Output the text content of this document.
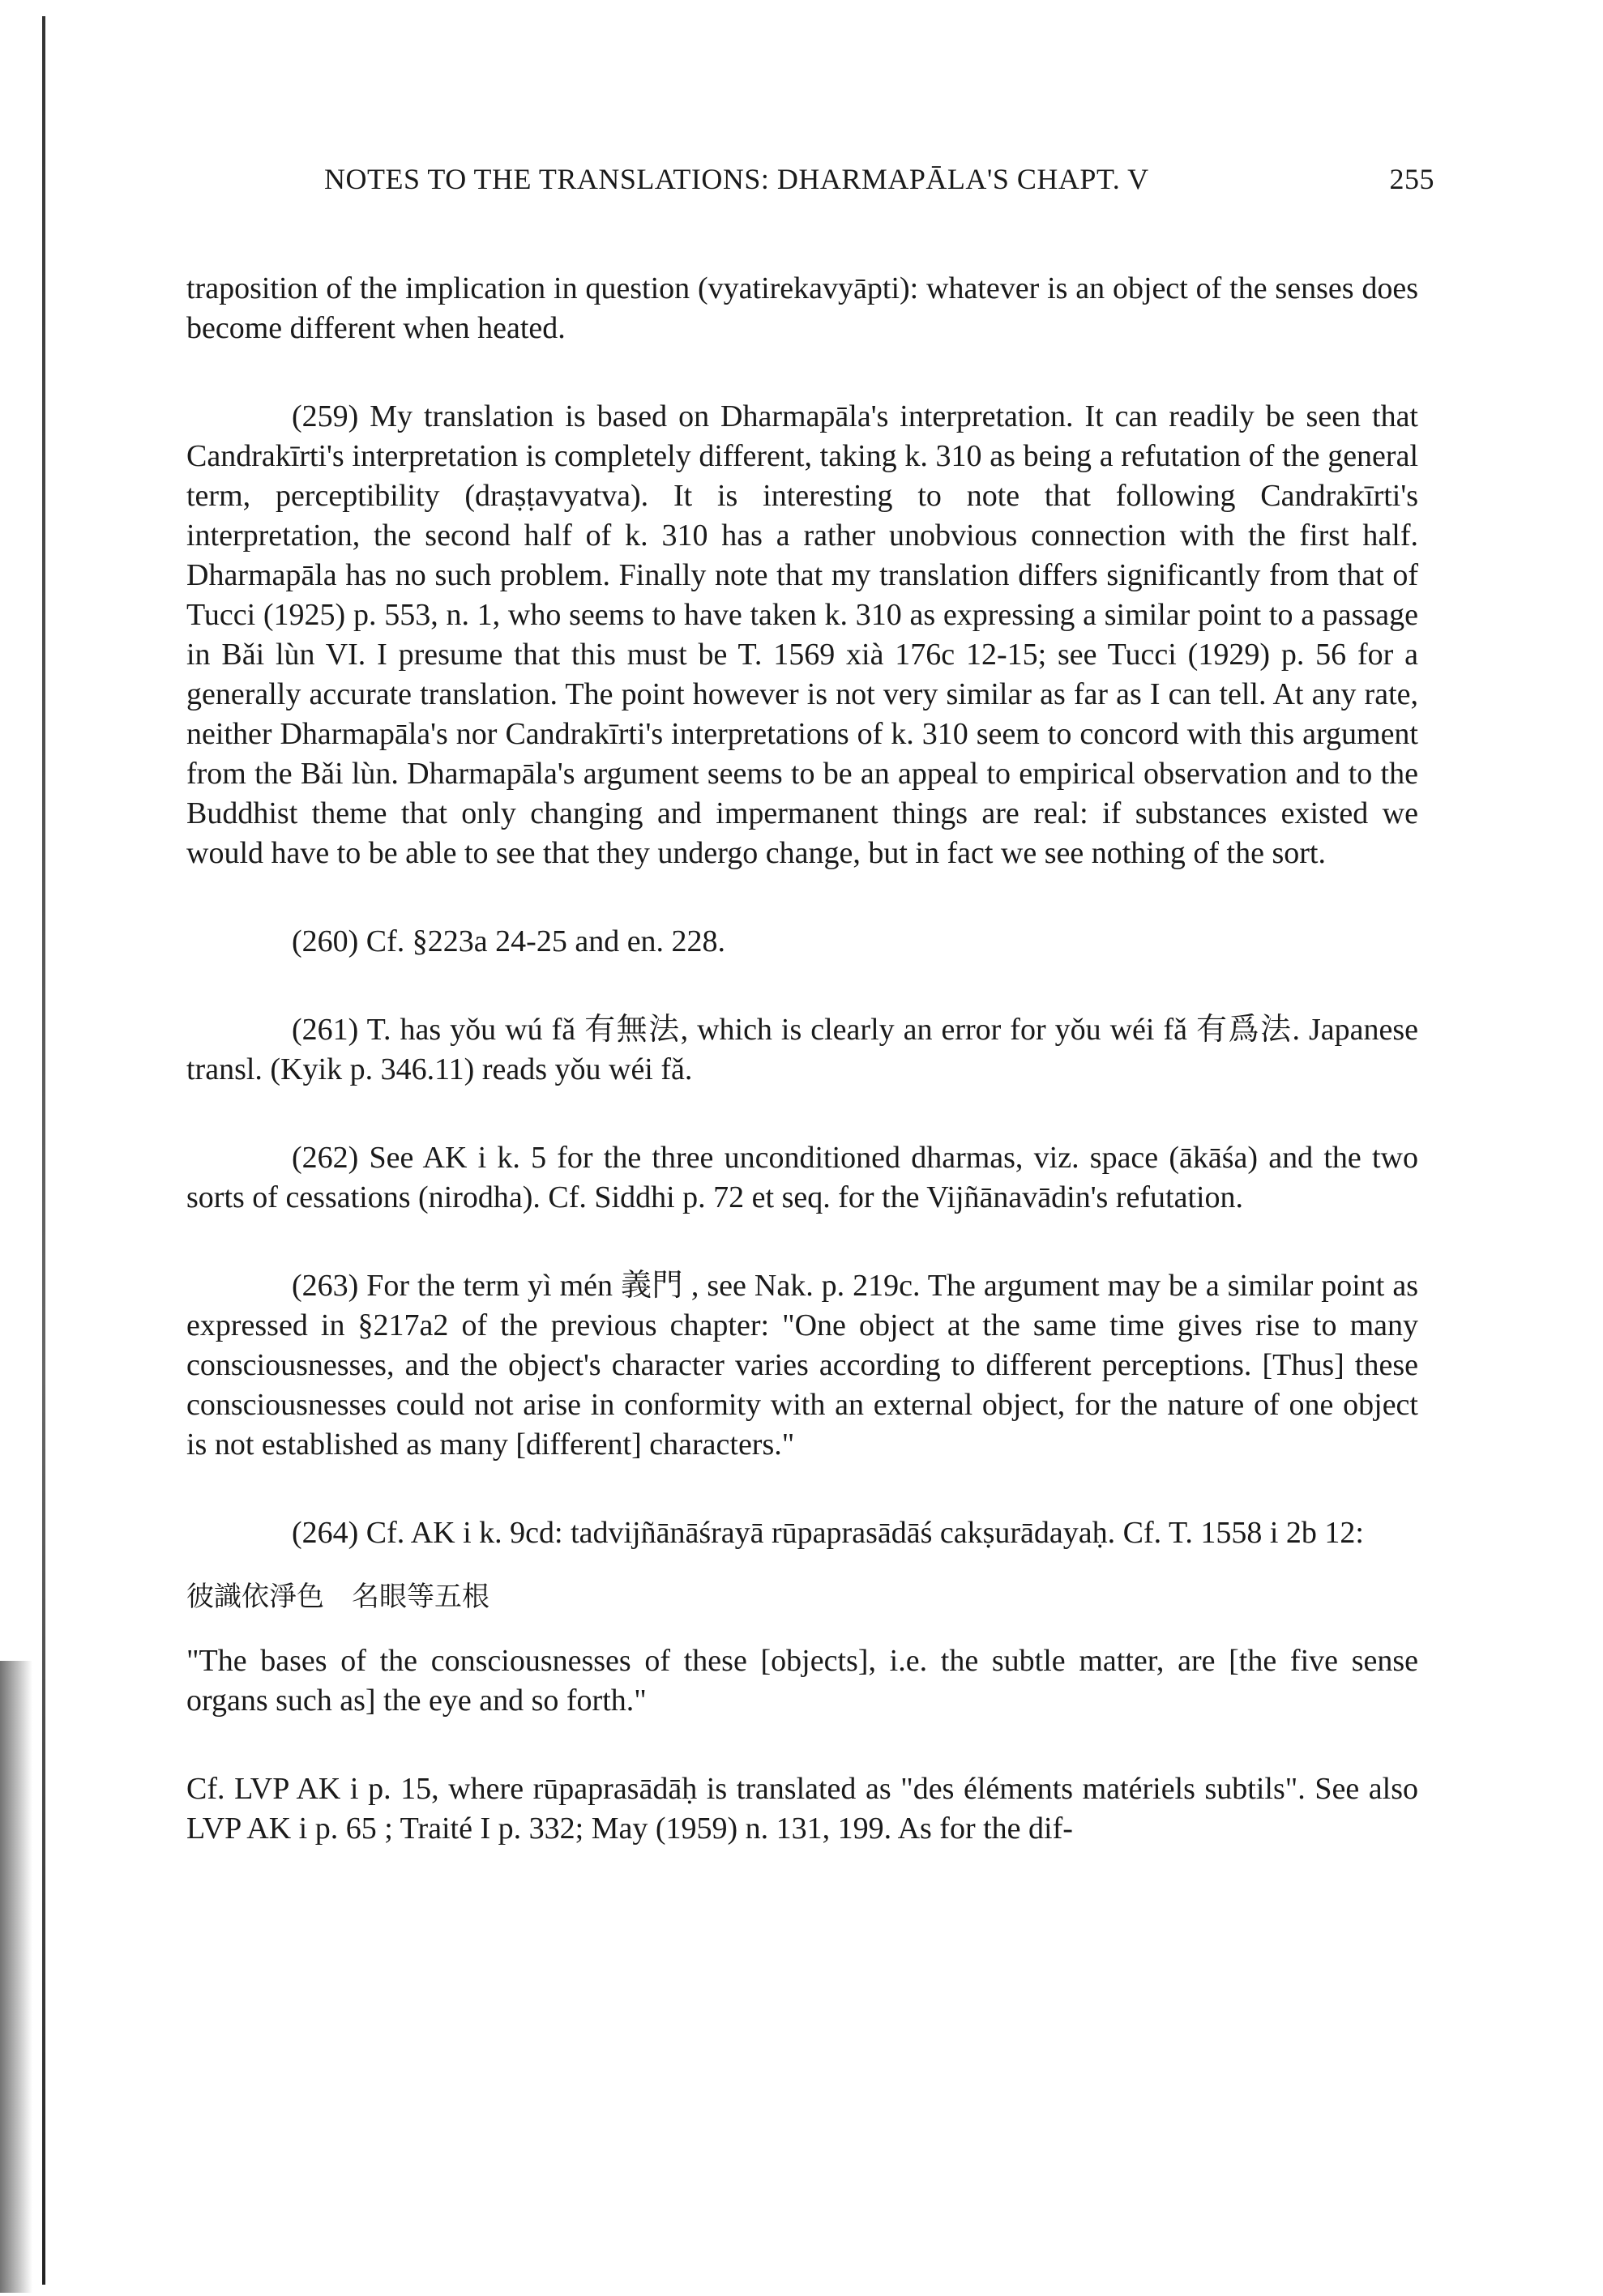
NOTES TO THE TRANSLATIONS: DHARMAPĀLA'S CHAPT. V	255

traposition of the implication in question (vyatirekavyāpti): whatever is an object of the senses does become different when heated.

(259) My translation is based on Dharmapāla's interpretation. It can readily be seen that Candrakīrti's interpretation is completely different, taking k. 310 as being a refutation of the general term, perceptibility (draṣṭavyatva). It is interesting to note that following Candrakīrti's interpretation, the second half of k. 310 has a rather unobvious connection with the first half. Dharmapāla has no such problem. Finally note that my translation differs significantly from that of Tucci (1925) p. 553, n. 1, who seems to have taken k. 310 as expressing a similar point to a passage in Bǎi lùn VI. I presume that this must be T. 1569 xià 176c 12-15; see Tucci (1929) p. 56 for a generally accurate translation. The point however is not very similar as far as I can tell. At any rate, neither Dharmapāla's nor Candrakīrti's interpretations of k. 310 seem to concord with this argument from the Bǎi lùn. Dharmapāla's argument seems to be an appeal to empirical observation and to the Buddhist theme that only changing and impermanent things are real: if substances existed we would have to be able to see that they undergo change, but in fact we see nothing of the sort.

(260) Cf. §223a 24-25 and en. 228.

(261) T. has yǒu wú fǎ 有無法, which is clearly an error for yǒu wéi fǎ 有爲法. Japanese transl. (Kyik p. 346.11) reads yǒu wéi fǎ.

(262) See AK i k. 5 for the three unconditioned dharmas, viz. space (ākāśa) and the two sorts of cessations (nirodha). Cf. Siddhi p. 72 et seq. for the Vijñānavādin's refutation.

(263) For the term yì mén 義門 , see Nak. p. 219c. The argument may be a similar point as expressed in §217a2 of the previous chapter: "One object at the same time gives rise to many consciousnesses, and the object's character varies according to different perceptions. [Thus] these consciousnesses could not arise in conformity with an external object, for the nature of one object is not established as many [different] characters."

(264) Cf. AK i k. 9cd: tadvijñānāśrayā rūpaprasādāś cakṣurādayaḥ. Cf. T. 1558 i 2b 12:

彼識依淨色　名眼等五根

"The bases of the consciousnesses of these [objects], i.e. the subtle matter, are [the five sense organs such as] the eye and so forth."

Cf. LVP AK i p. 15, where rūpaprasādāḥ is translated as "des éléments matériels subtils". See also LVP AK i p. 65 ; Traité I p. 332; May (1959) n. 131, 199. As for the dif-
